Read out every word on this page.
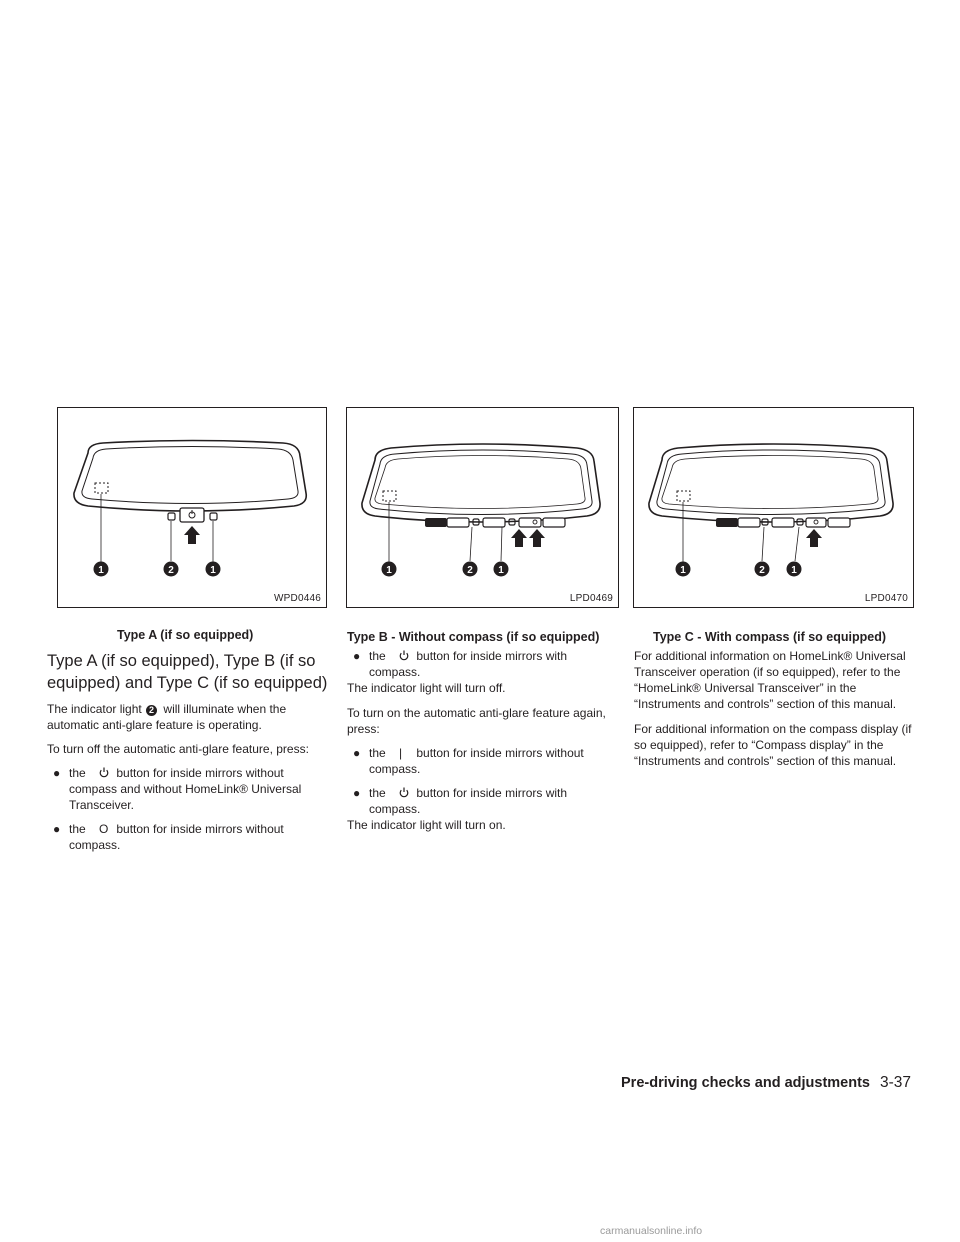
1	2	1
WPD0446
1	2	1
LPD0469
1	2	1
LPD0470
Type A (if so equipped)	Type B - Without compass (if so equipped)	Type C - With compass (if so equipped)
Type A (if so equipped), Type B (if so equipped) and Type C (if so equipped)

The indicator light 2 will illuminate when the automatic anti-glare feature is operating.

To turn off the automatic anti-glare feature, press:

● the	button for inside mirrors without compass and without HomeLink® Universal Transceiver.
● the O button for inside mirrors without compass.
● the	button for inside mirrors with compass.

The indicator light will turn off.

To turn on the automatic anti-glare feature again, press:

● the | button for inside mirrors without compass.
● the	button for inside mirrors with compass.

The indicator light will turn on.

For additional information on HomeLink® Universal Transceiver operation (if so equipped), refer to the “HomeLink® Universal Transceiver” in the “Instruments and controls” section of this manual.

For additional information on the compass display (if so equipped), refer to “Compass display” in the “Instruments and controls” section of this manual.

Pre-driving checks and adjustments 3-37
carmanualsonline.info
